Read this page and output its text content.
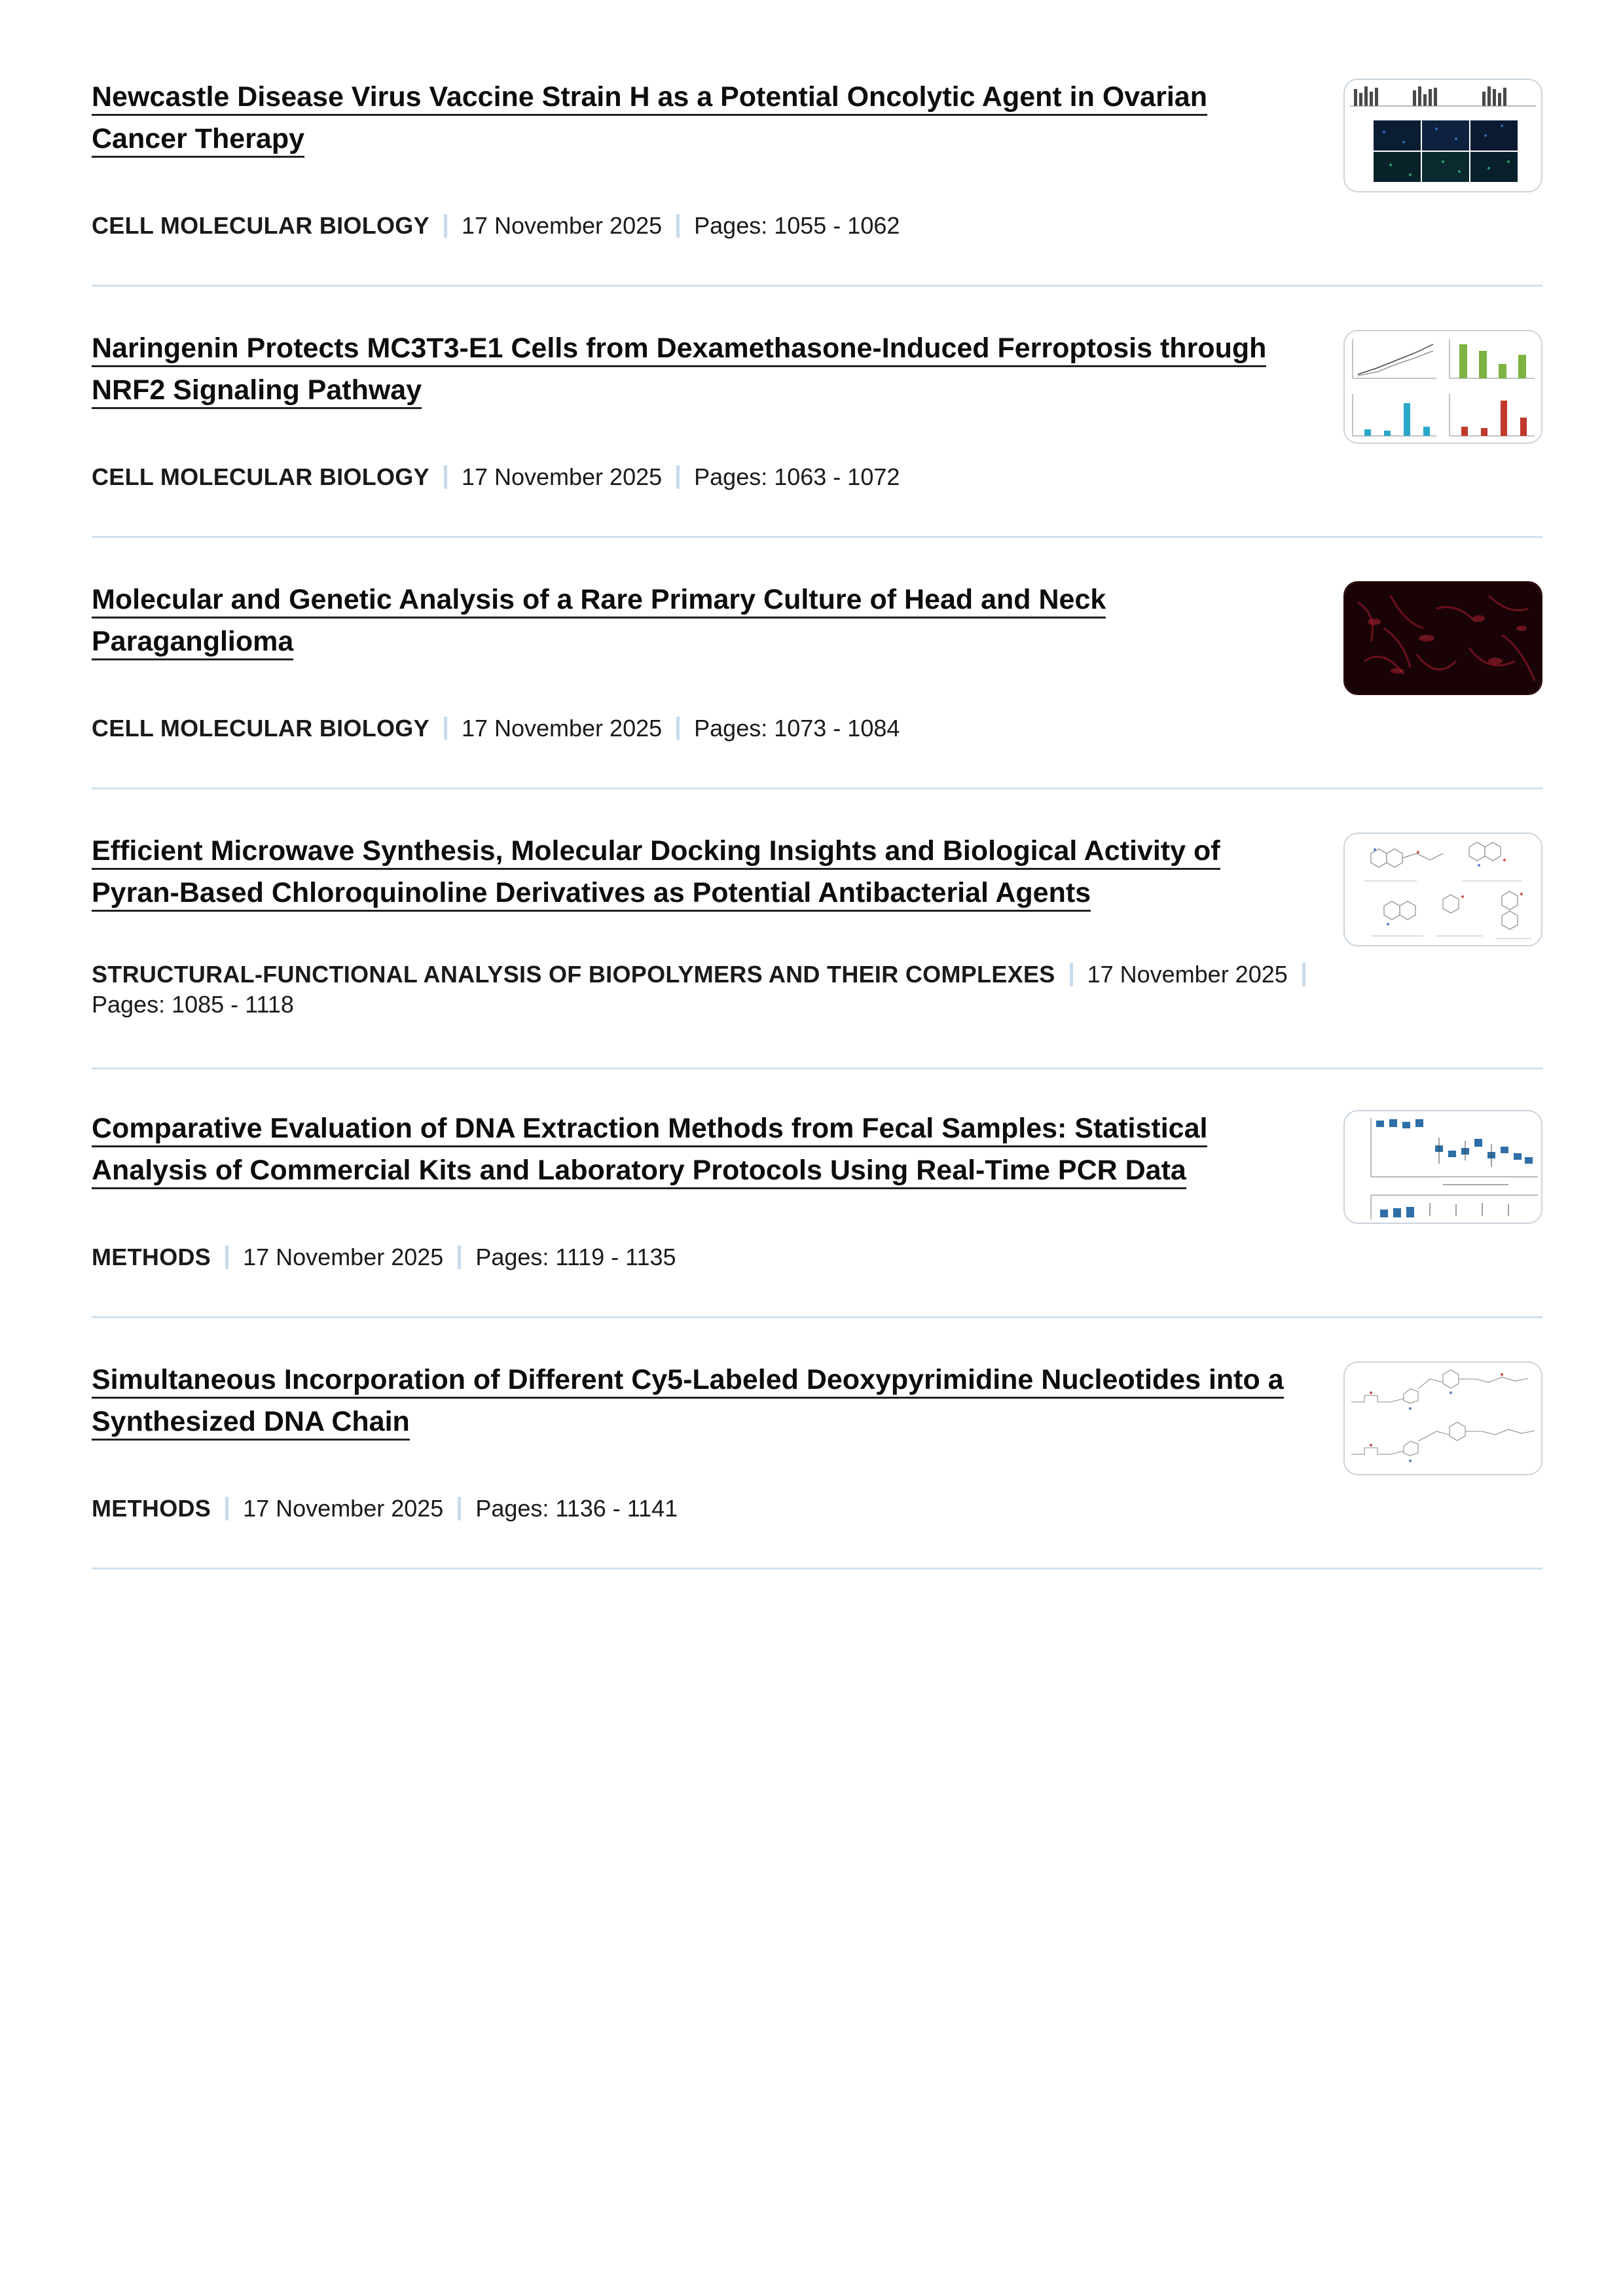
Newcastle Disease Virus Vaccine Strain H as a Potential Oncolytic Agent in Ovarian
Cancer Therapy
CELL MOLECULAR BIOLOGY 17 November 2025 Pages: 1055 - 1062
Naringenin Protects MC3T3-E1 Cells from Dexamethasone-Induced Ferroptosis through
NRF2 Signaling Pathway
CELL MOLECULAR BIOLOGY 17 November 2025 Pages: 1063 - 1072
Molecular and Genetic Analysis of a Rare Primary Culture of Head and Neck
Paraganglioma
CELL MOLECULAR BIOLOGY 17 November 2025 Pages: 1073 - 1084
Efficient Microwave Synthesis, Molecular Docking Insights and Biological Activity of
Pyran-Based Chloroquinoline Derivatives as Potential Antibacterial Agents
STRUCTURAL-FUNCTIONAL ANALYSIS OF BIOPOLYMERS AND THEIR COMPLEXES 17 November 2025
Pages: 1085 - 1118
Comparative Evaluation of DNA Extraction Methods from Fecal Samples: Statistical
Analysis of Commercial Kits and Laboratory Protocols Using Real-Time PCR Data
METHODS 17 November 2025 Pages: 1119 - 1135
Simultaneous Incorporation of Different Cy5-Labeled Deoxypyrimidine Nucleotides into a
Synthesized DNA Chain
METHODS 17 November 2025 Pages: 1136 - 1141
